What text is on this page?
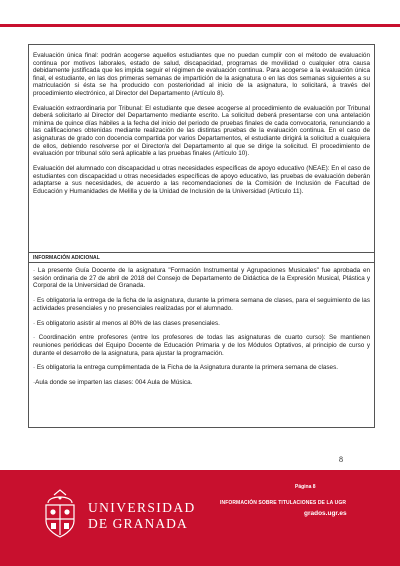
Evaluación única final: podrán acogerse aquellos estudiantes que no puedan cumplir con el método de evaluación continua por motivos laborales, estado de salud, discapacidad, programas de movilidad o cualquier otra causa debidamente justificada que les impida seguir el régimen de evaluación continua. Para acogerse a la evaluación única final, el estudiante, en las dos primeras semanas de impartición de la asignatura o en las dos semanas siguientes a su matriculación si ésta se ha producido con posterioridad al inicio de la asignatura, lo solicitará, a través del procedimiento electrónico, al Director del Departamento (Artículo 8).

Evaluación extraordinaria por Tribunal: El estudiante que desee acogerse al procedimiento de evaluación por Tribunal deberá solicitarlo al Director del Departamento mediante escrito. La solicitud deberá presentarse con una antelación mínima de quince días hábiles a la fecha del inicio del periodo de pruebas finales de cada convocatoria, renunciando a las calificaciones obtenidas mediante realización de las distintas pruebas de la evaluación continua. En el caso de asignaturas de grado con docencia compartida por varios Departamentos, el estudiante dirigirá la solicitud a cualquiera de ellos, debiendo resolverse por el Director/a del Departamento al que se dirige la solicitud. El procedimiento de evaluación por tribunal sólo será aplicable a las pruebas finales (Artículo 10).

Evaluación del alumnado con discapacidad u otras necesidades específicas de apoyo educativo (NEAE): En el caso de estudiantes con discapacidad u otras necesidades específicas de apoyo educativo, las pruebas de evaluación deberán adaptarse a sus necesidades, de acuerdo a las recomendaciones de la Comisión de Inclusión de Facultad de Educación y Humanidades de Melilla y de la Unidad de Inclusión de la Universidad (Artículo 11).

INFORMACIÓN ADICIONAL

· La presente Guía Docente de la asignatura "Formación Instrumental y Agrupaciones Musicales" fue aprobada en sesión ordinaria de 27 de abril de 2018 del Consejo de Departamento de Didáctica de la Expresión Musical, Plástica y Corporal de la Universidad de Granada.

· Es obligatoria la entrega de la ficha de la asignatura, durante la primera semana de clases, para el seguimiento de las actividades presenciales y no presenciales realizadas por el alumnado.

· Es obligatorio asistir al menos al 80% de las clases presenciales.

· Coordinación entre profesores (entre los profesores de todas las asignaturas de cuarto curso): Se mantienen reuniones periódicas del Equipo Docente de Educación Primaria y de los Módulos Optativos, al principio de curso y durante el desarrollo de la asignatura, para ajustar la programación.

· Es obligatoria la entrega cumplimentada de la Ficha de la Asignatura durante la primera semana de clases.

·Aula donde se imparten las clases: 004 Aula de Música.

8
UNIVERSIDAD
DE GRANADA
Página 8
INFORMACIÓN SOBRE TITULACIONES DE LA UGR
grados.ugr.es
